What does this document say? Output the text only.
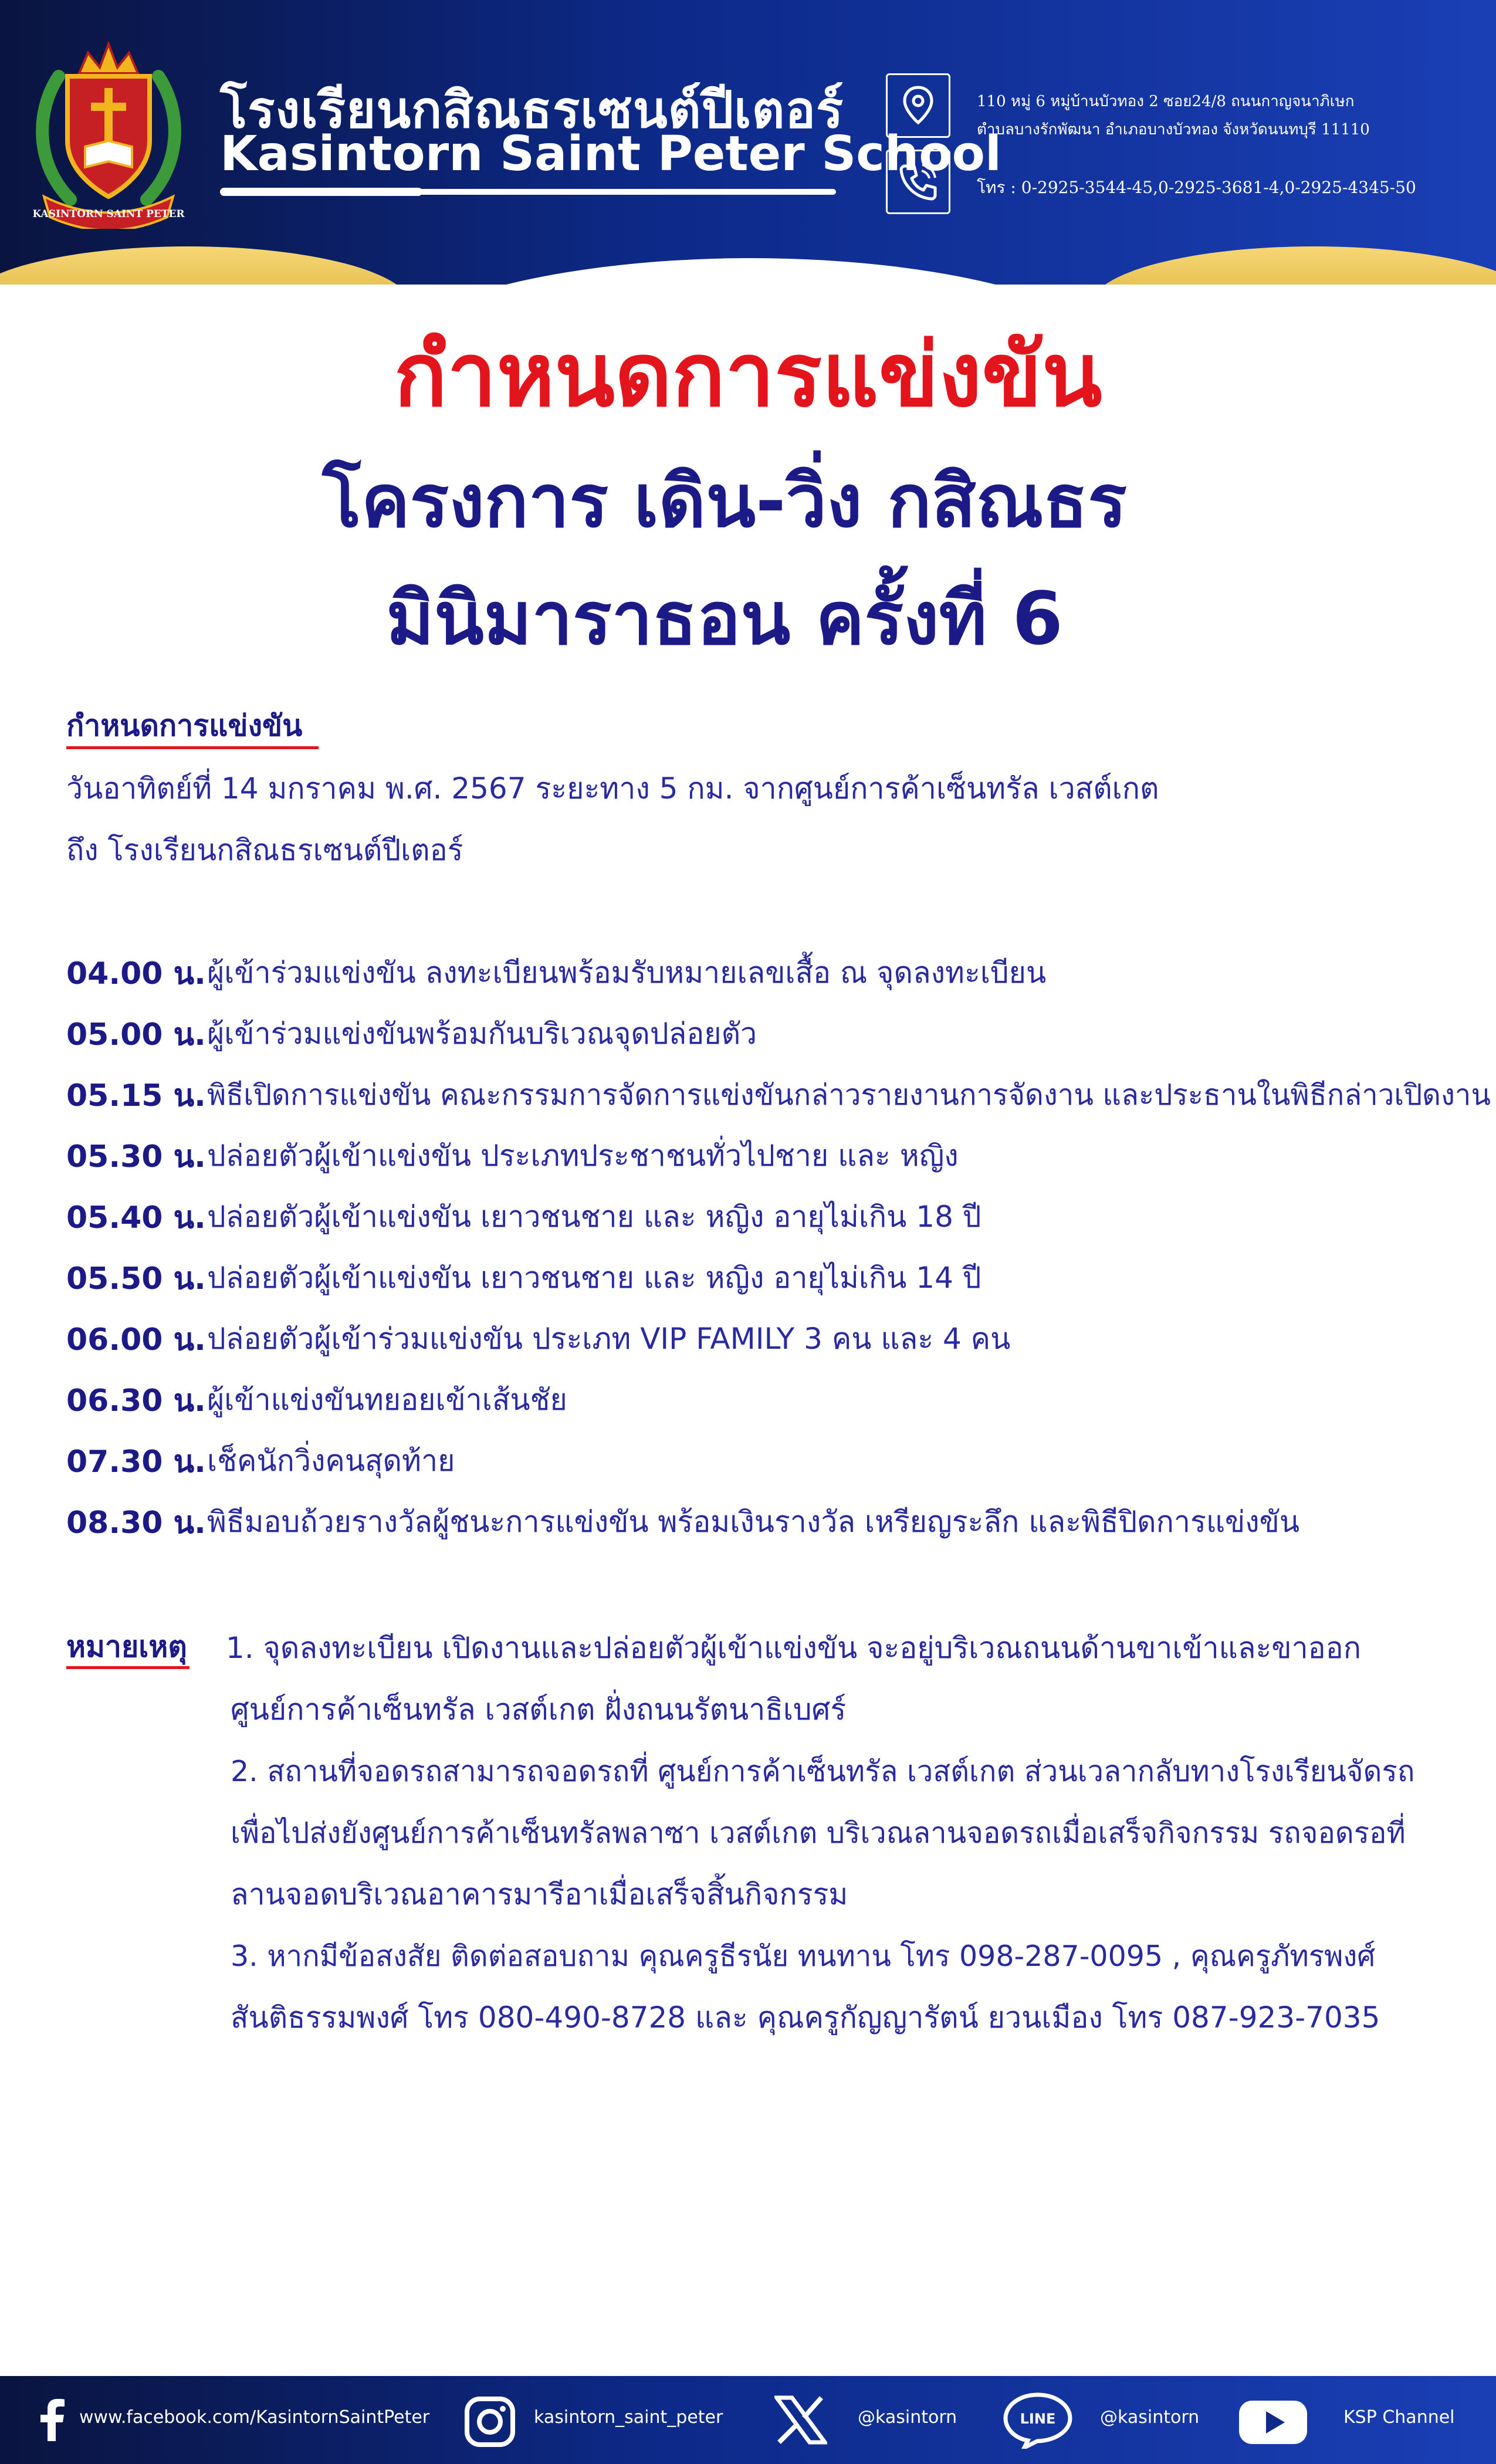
KASINTORN SAINT PETER
โรงเรียนกสิณธรเซนต์ปีเตอร์
Kasintorn Saint Peter School
110 หมู่ 6 หมู่บ้านบัวทอง 2 ซอย24/8 ถนนกาญจนาภิเษก
ตำบลบางรักพัฒนา อำเภอบางบัวทอง จังหวัดนนทบุรี 11110
โทร : 0-2925-3544-45,0-2925-3681-4,0-2925-4345-50
กำหนดการแข่งขัน
โครงการ เดิน-วิ่ง กสิณธร
มินิมาราธอน ครั้งที่ 6
กำหนดการแข่งขัน
วันอาทิตย์ที่ 14 มกราคม พ.ศ. 2567 ระยะทาง 5 กม. จากศูนย์การค้าเซ็นทรัล เวสต์เกต
ถึง โรงเรียนกสิณธรเซนต์ปีเตอร์
04.00 น. ผู้เข้าร่วมแข่งขัน ลงทะเบียนพร้อมรับหมายเลขเสื้อ ณ จุดลงทะเบียน
05.00 น. ผู้เข้าร่วมแข่งขันพร้อมกันบริเวณจุดปล่อยตัว
05.15 น. พิธีเปิดการแข่งขัน คณะกรรมการจัดการแข่งขันกล่าวรายงานการจัดงาน และประธานในพิธีกล่าวเปิดงาน
05.30 น. ปล่อยตัวผู้เข้าแข่งขัน ประเภทประชาชนทั่วไปชาย และ หญิง
05.40 น. ปล่อยตัวผู้เข้าแข่งขัน เยาวชนชาย และ หญิง อายุไม่เกิน 18 ปี
05.50 น. ปล่อยตัวผู้เข้าแข่งขัน เยาวชนชาย และ หญิง อายุไม่เกิน 14 ปี
06.00 น. ปล่อยตัวผู้เข้าร่วมแข่งขัน ประเภท VIP FAMILY 3 คน และ 4 คน
06.30 น. ผู้เข้าแข่งขันทยอยเข้าเส้นชัย
07.30 น. เช็คนักวิ่งคนสุดท้าย
08.30 น. พิธีมอบถ้วยรางวัลผู้ชนะการแข่งขัน พร้อมเงินรางวัล เหรียญระลึก และพิธีปิดการแข่งขัน
หมายเหตุ 1. จุดลงทะเบียน เปิดงานและปล่อยตัวผู้เข้าแข่งขัน จะอยู่บริเวณถนนด้านขาเข้าและขาออก
ศูนย์การค้าเซ็นทรัล เวสต์เกต ฝั่งถนนรัตนาธิเบศร์
2. สถานที่จอดรถสามารถจอดรถที่ ศูนย์การค้าเซ็นทรัล เวสต์เกต ส่วนเวลากลับทางโรงเรียนจัดรถ
เพื่อไปส่งยังศูนย์การค้าเซ็นทรัลพลาซา เวสต์เกต บริเวณลานจอดรถเมื่อเสร็จกิจกรรม รถจอดรอที่
ลานจอดบริเวณอาคารมารีอาเมื่อเสร็จสิ้นกิจกรรม
3. หากมีข้อสงสัย ติดต่อสอบถาม คุณครูธีรนัย ทนทาน โทร 098-287-0095 , คุณครูภัทรพงศ์
สันติธรรมพงศ์ โทร 080-490-8728 และ คุณครูกัญญารัตน์ ยวนเมือง โทร 087-923-7035
www.facebook.com/KasintornSaintPeter	kasintorn_saint_peter	@kasintorn	LINE	@kasintorn	KSP Channel
